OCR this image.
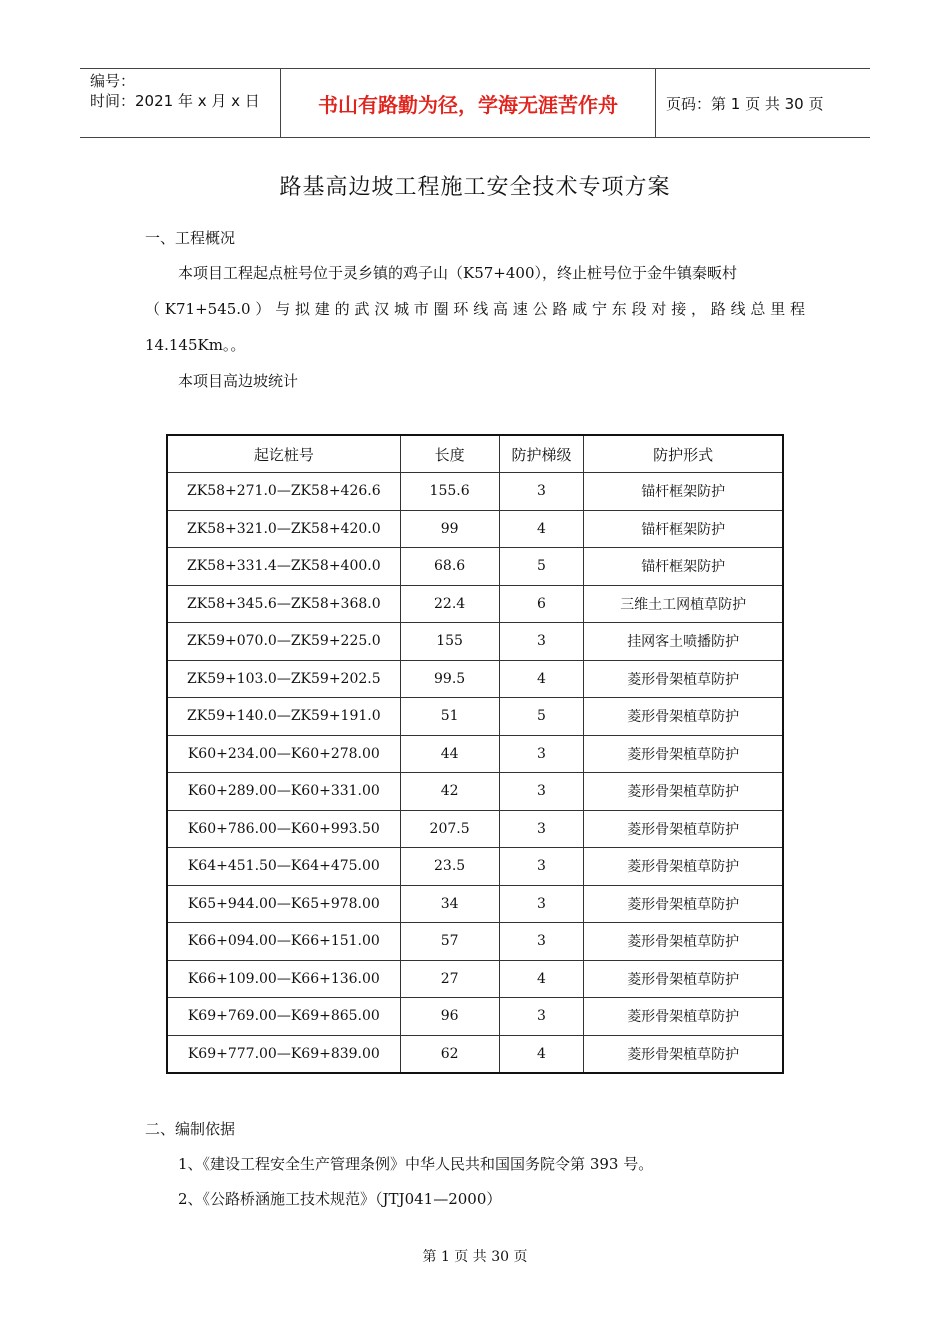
编号：
时间：2021 年 x 月 x 日	书山有路勤为径，学海无涯苦作舟	页码：第 1 页 共 30 页
路基高边坡工程施工安全技术专项方案
一、工程概况
本项目工程起点桩号位于灵乡镇的鸡子山（K57+400），终止桩号位于金牛镇秦畈村
（K71+545.0）与拟建的武汉城市圈环线高速公路咸宁东段对接，路线总里程
14.145Km。。
本项目高边坡统计
起讫桩号	长度	防护梯级	防护形式
ZK58+271.0—ZK58+426.6	155.6	3	锚杆框架防护
ZK58+321.0—ZK58+420.0	99	4	锚杆框架防护
ZK58+331.4—ZK58+400.0	68.6	5	锚杆框架防护
ZK58+345.6—ZK58+368.0	22.4	6	三维土工网植草防护
ZK59+070.0—ZK59+225.0	155	3	挂网客土喷播防护
ZK59+103.0—ZK59+202.5	99.5	4	菱形骨架植草防护
ZK59+140.0—ZK59+191.0	51	5	菱形骨架植草防护
K60+234.00—K60+278.00	44	3	菱形骨架植草防护
K60+289.00—K60+331.00	42	3	菱形骨架植草防护
K60+786.00—K60+993.50	207.5	3	菱形骨架植草防护
K64+451.50—K64+475.00	23.5	3	菱形骨架植草防护
K65+944.00—K65+978.00	34	3	菱形骨架植草防护
K66+094.00—K66+151.00	57	3	菱形骨架植草防护
K66+109.00—K66+136.00	27	4	菱形骨架植草防护
K69+769.00—K69+865.00	96	3	菱形骨架植草防护
K69+777.00—K69+839.00	62	4	菱形骨架植草防护
二、编制依据
1、《建设工程安全生产管理条例》中华人民共和国国务院令第 393 号。
2、《公路桥涵施工技术规范》（JTJ041—2000）
第 1 页 共 30 页
